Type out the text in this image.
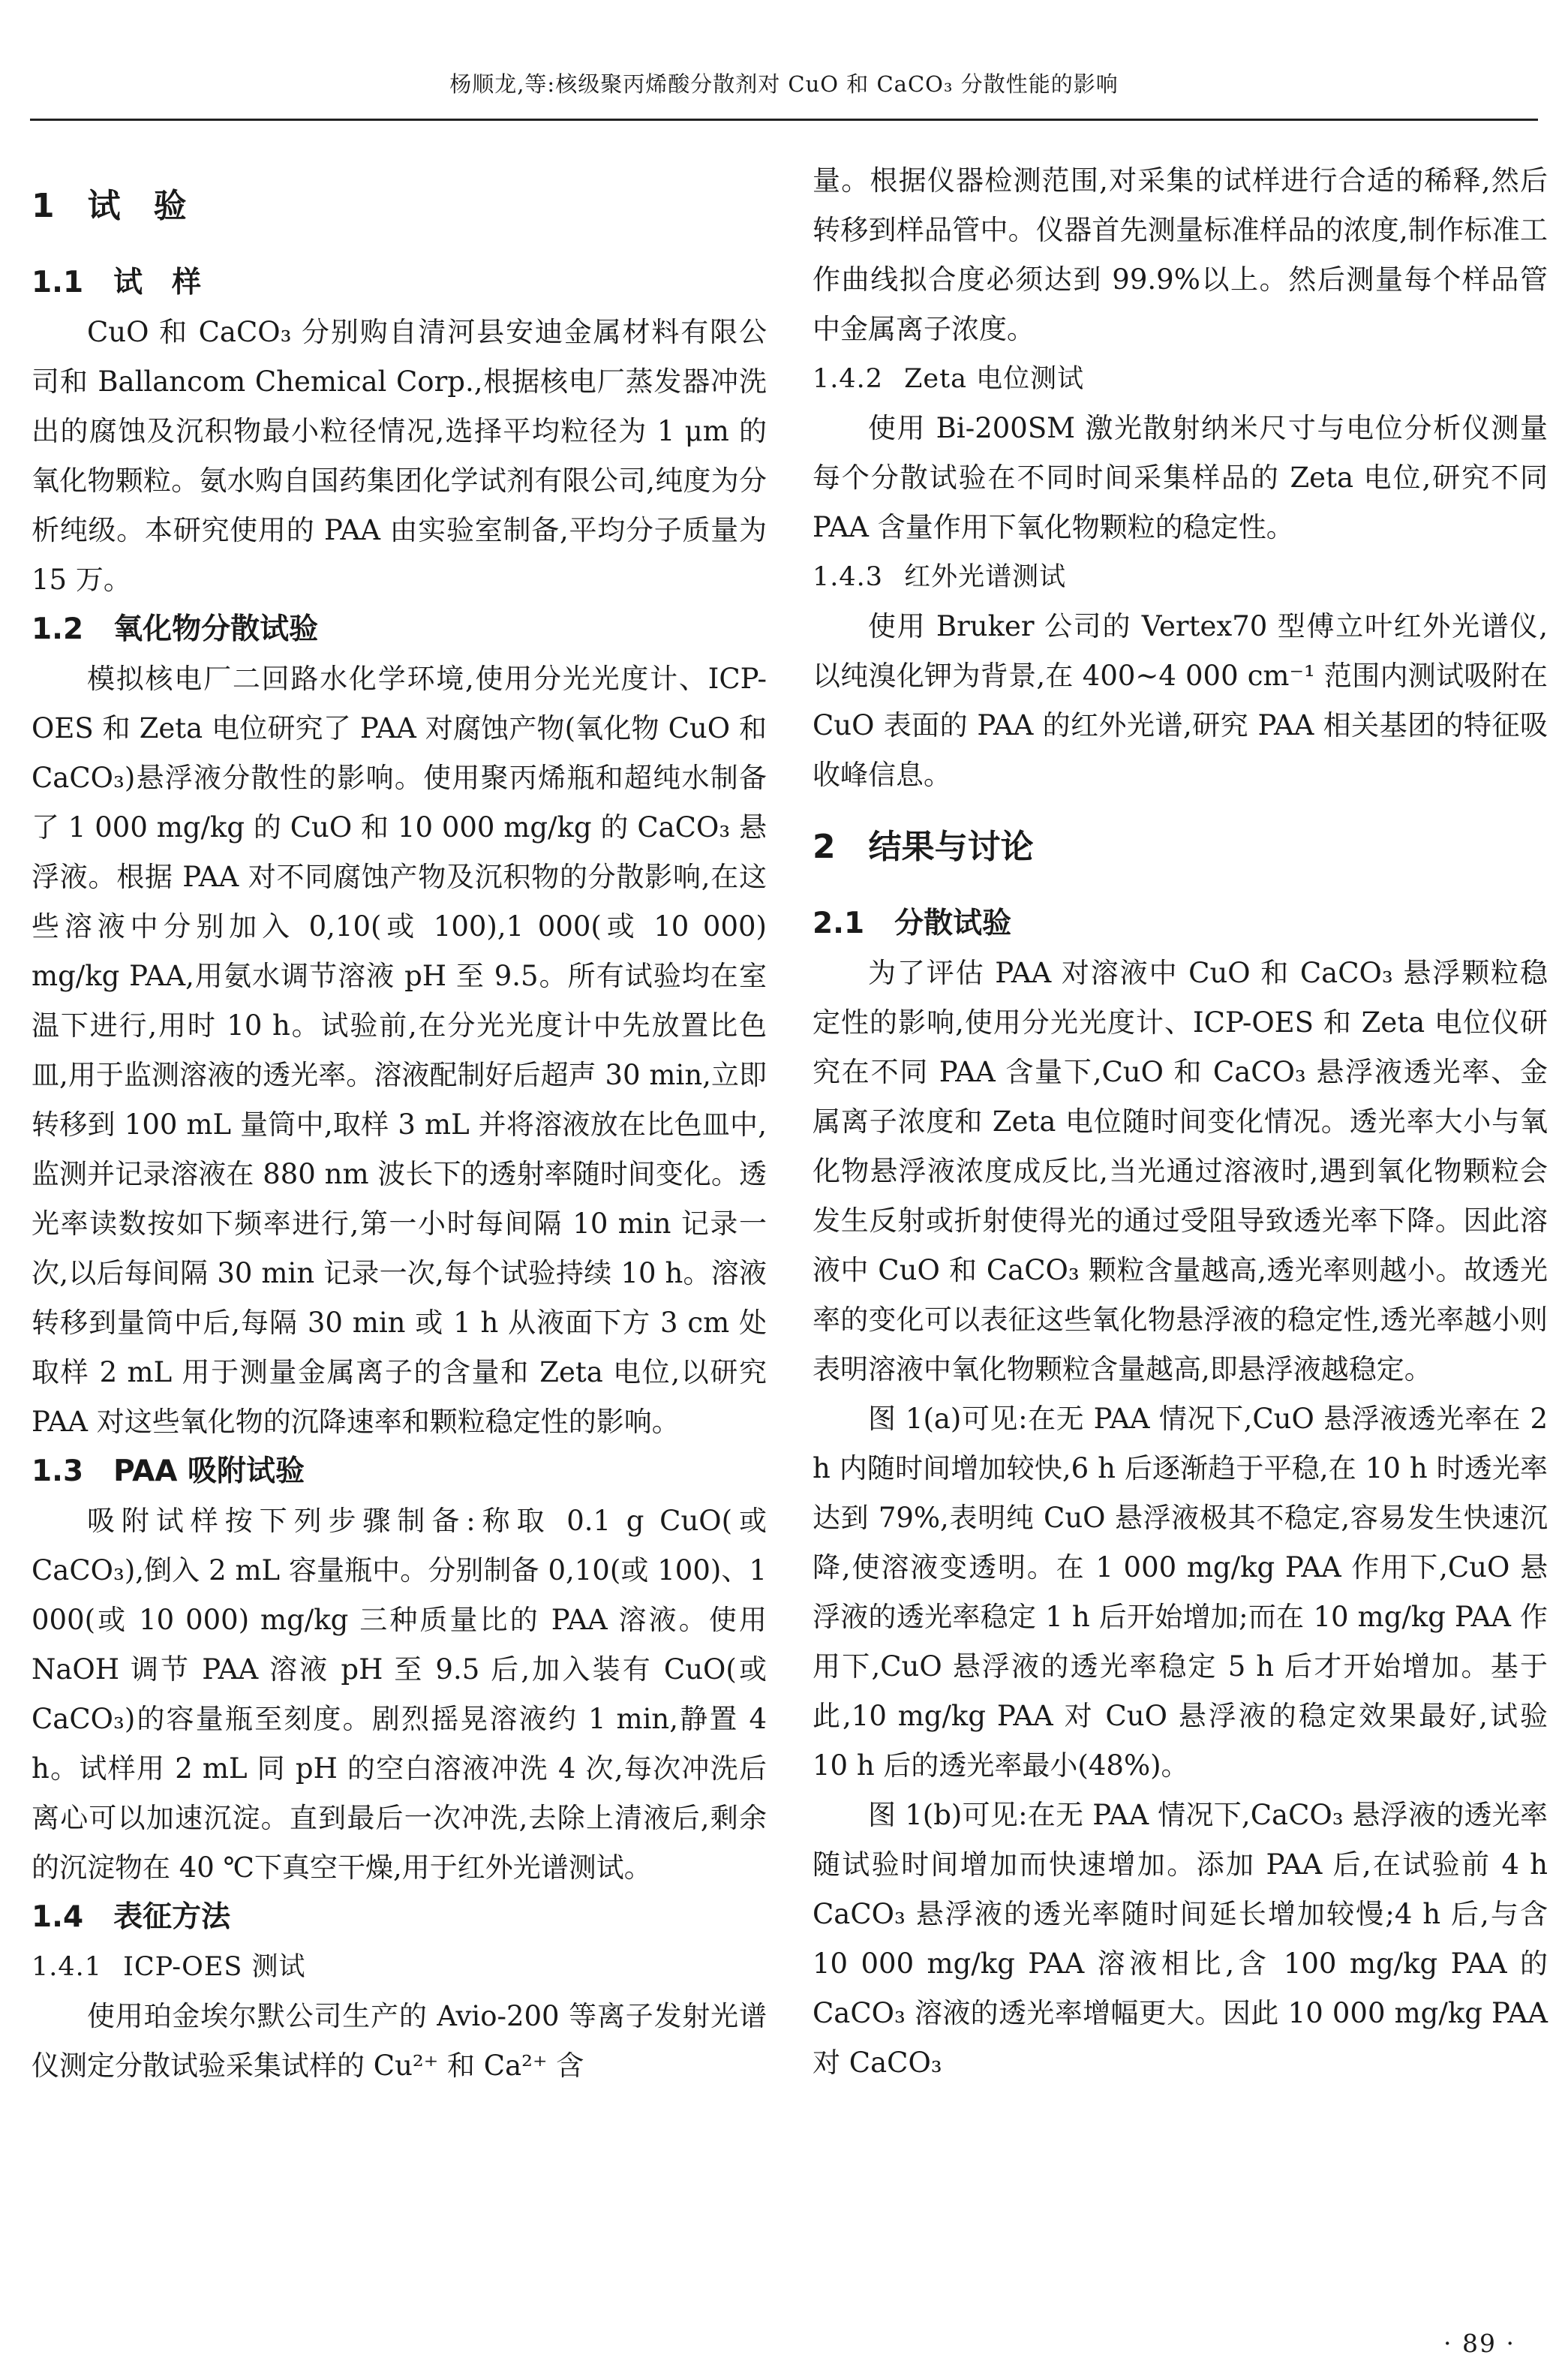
杨顺龙,等:核级聚丙烯酸分散剂对 CuO 和 CaCO₃ 分散性能的影响
1 试　验
1.1 试　样

CuO 和 CaCO₃ 分别购自清河县安迪金属材料有限公司和 Ballancom Chemical Corp.,根据核电厂蒸发器冲洗出的腐蚀及沉积物最小粒径情况,选择平均粒径为 1 μm 的氧化物颗粒。氨水购自国药集团化学试剂有限公司,纯度为分析纯级。本研究使用的 PAA 由实验室制备,平均分子质量为 15 万。

1.2 氧化物分散试验

模拟核电厂二回路水化学环境,使用分光光度计、ICP-OES 和 Zeta 电位研究了 PAA 对腐蚀产物(氧化物 CuO 和 CaCO₃)悬浮液分散性的影响。使用聚丙烯瓶和超纯水制备了 1 000 mg/kg 的 CuO 和 10 000 mg/kg 的 CaCO₃ 悬浮液。根据 PAA 对不同腐蚀产物及沉积物的分散影响,在这些溶液中分别加入 0,10(或 100),1 000(或 10 000) mg/kg PAA,用氨水调节溶液 pH 至 9.5。所有试验均在室温下进行,用时 10 h。试验前,在分光光度计中先放置比色皿,用于监测溶液的透光率。溶液配制好后超声 30 min,立即转移到 100 mL 量筒中,取样 3 mL 并将溶液放在比色皿中,监测并记录溶液在 880 nm 波长下的透射率随时间变化。透光率读数按如下频率进行,第一小时每间隔 10 min 记录一次,以后每间隔 30 min 记录一次,每个试验持续 10 h。溶液转移到量筒中后,每隔 30 min 或 1 h 从液面下方 3 cm 处取样 2 mL 用于测量金属离子的含量和 Zeta 电位,以研究 PAA 对这些氧化物的沉降速率和颗粒稳定性的影响。

1.3 PAA 吸附试验

吸附试样按下列步骤制备:称取 0.1 g CuO(或 CaCO₃),倒入 2 mL 容量瓶中。分别制备 0,10(或 100)、1 000(或 10 000) mg/kg 三种质量比的 PAA 溶液。使用 NaOH 调节 PAA 溶液 pH 至 9.5 后,加入装有 CuO(或 CaCO₃)的容量瓶至刻度。剧烈摇晃溶液约 1 min,静置 4 h。试样用 2 mL 同 pH 的空白溶液冲洗 4 次,每次冲洗后离心可以加速沉淀。直到最后一次冲洗,去除上清液后,剩余的沉淀物在 40 ℃下真空干燥,用于红外光谱测试。

1.4 表征方法
1.4.1 ICP-OES 测试

使用珀金埃尔默公司生产的 Avio-200 等离子发射光谱仪测定分散试验采集试样的 Cu²⁺ 和 Ca²⁺ 含

量。根据仪器检测范围,对采集的试样进行合适的稀释,然后转移到样品管中。仪器首先测量标准样品的浓度,制作标准工作曲线拟合度必须达到 99.9%以上。然后测量每个样品管中金属离子浓度。

1.4.2 Zeta 电位测试

使用 Bi-200SM 激光散射纳米尺寸与电位分析仪测量每个分散试验在不同时间采集样品的 Zeta 电位,研究不同 PAA 含量作用下氧化物颗粒的稳定性。

1.4.3 红外光谱测试

使用 Bruker 公司的 Vertex70 型傅立叶红外光谱仪,以纯溴化钾为背景,在 400~4 000 cm⁻¹ 范围内测试吸附在 CuO 表面的 PAA 的红外光谱,研究 PAA 相关基团的特征吸收峰信息。

2 结果与讨论
2.1 分散试验

为了评估 PAA 对溶液中 CuO 和 CaCO₃ 悬浮颗粒稳定性的影响,使用分光光度计、ICP-OES 和 Zeta 电位仪研究在不同 PAA 含量下,CuO 和 CaCO₃ 悬浮液透光率、金属离子浓度和 Zeta 电位随时间变化情况。透光率大小与氧化物悬浮液浓度成反比,当光通过溶液时,遇到氧化物颗粒会发生反射或折射使得光的通过受阻导致透光率下降。因此溶液中 CuO 和 CaCO₃ 颗粒含量越高,透光率则越小。故透光率的变化可以表征这些氧化物悬浮液的稳定性,透光率越小则表明溶液中氧化物颗粒含量越高,即悬浮液越稳定。

图 1(a)可见:在无 PAA 情况下,CuO 悬浮液透光率在 2 h 内随时间增加较快,6 h 后逐渐趋于平稳,在 10 h 时透光率达到 79%,表明纯 CuO 悬浮液极其不稳定,容易发生快速沉降,使溶液变透明。在 1 000 mg/kg PAA 作用下,CuO 悬浮液的透光率稳定 1 h 后开始增加;而在 10 mg/kg PAA 作用下,CuO 悬浮液的透光率稳定 5 h 后才开始增加。基于此,10 mg/kg PAA 对 CuO 悬浮液的稳定效果最好,试验 10 h 后的透光率最小(48%)。

图 1(b)可见:在无 PAA 情况下,CaCO₃ 悬浮液的透光率随试验时间增加而快速增加。添加 PAA 后,在试验前 4 h CaCO₃ 悬浮液的透光率随时间延长增加较慢;4 h 后,与含 10 000 mg/kg PAA 溶液相比,含 100 mg/kg PAA 的 CaCO₃ 溶液的透光率增幅更大。因此 10 000 mg/kg PAA 对 CaCO₃

· 89 ·
